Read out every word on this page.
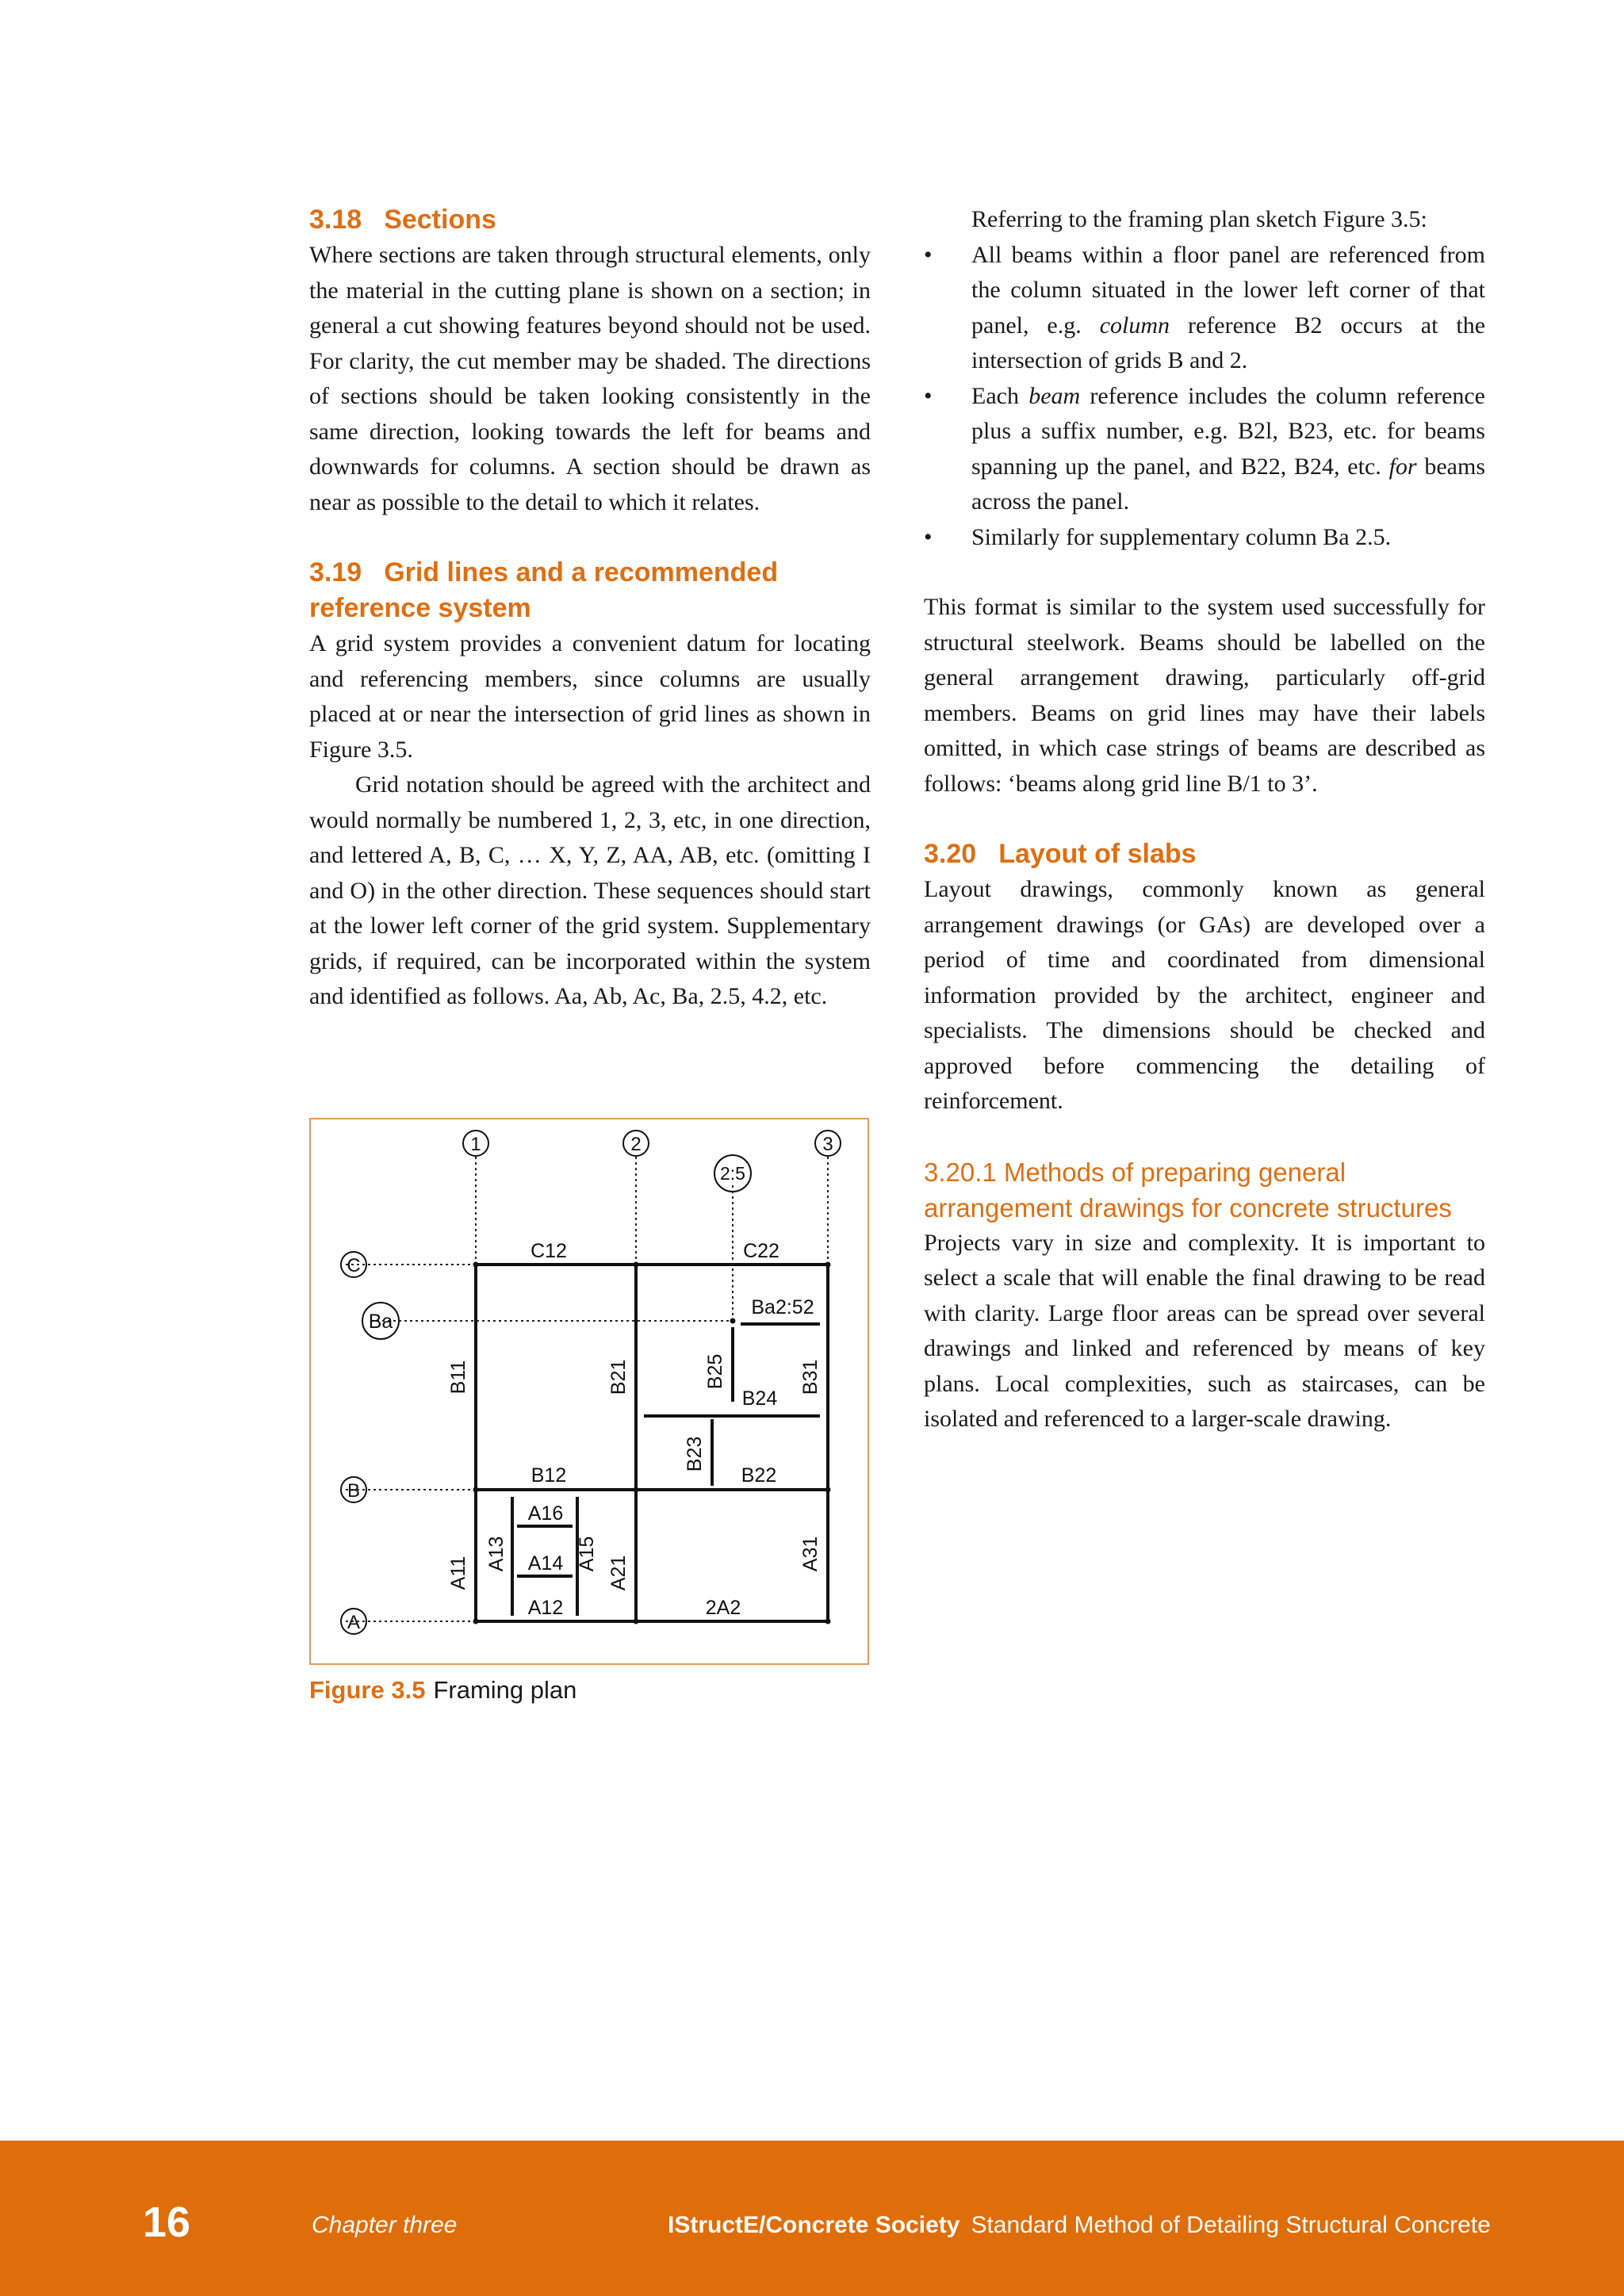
3.18 Sections

Where sections are taken through structural elements, only the material in the cutting plane is shown on a section; in general a cut showing features beyond should not be used. For clarity, the cut member may be shaded. The directions of sections should be taken looking consistently in the same direction, looking towards the left for beams and downwards for columns. A section should be drawn as near as possible to the detail to which it relates.

3.19 Grid lines and a recommended reference system

A grid system provides a convenient datum for locating and referencing members, since columns are usually placed at or near the intersection of grid lines as shown in Figure 3.5.

Grid notation should be agreed with the architect and would normally be numbered 1, 2, 3, etc, in one direction, and lettered A, B, C, … X, Y, Z, AA, AB, etc. (omitting I and O) in the other direction. These sequences should start at the lower left corner of the grid system. Supplementary grids, if required, can be incorporated within the system and identified as follows. Aa, Ab, Ac, Ba, 2.5, 4.2, etc.

Referring to the framing plan sketch Figure 3.5:

• All beams within a floor panel are referenced from the column situated in the lower left corner of that panel, e.g. column reference B2 occurs at the intersection of grids B and 2.
• Each beam reference includes the column reference plus a suffix number, e.g. B2l, B23, etc. for beams spanning up the panel, and B22, B24, etc. for beams across the panel.
• Similarly for supplementary column Ba 2.5.

This format is similar to the system used successfully for structural steelwork. Beams should be labelled on the general arrangement drawing, particularly off-grid members. Beams on grid lines may have their labels omitted, in which case strings of beams are described as follows: ‘beams along grid line B/1 to 3’.

3.20 Layout of slabs

Layout drawings, commonly known as general arrangement drawings (or GAs) are developed over a period of time and coordinated from dimensional information provided by the architect, engineer and specialists. The dimensions should be checked and approved before commencing the detailing of reinforcement.

3.20.1 Methods of preparing general arrangement drawings for concrete structures

Projects vary in size and complexity. It is important to select a scale that will enable the final drawing to be read with clarity. Large floor areas can be spread over several drawings and linked and referenced by means of key plans. Local complexities, such as staircases, can be isolated and referenced to a larger-scale drawing.

1	2	3
2:5
C
Ba
B
A
C12	C22
Ba2:52
B24
B12	B22
A16
A14
A12	2A2
B11	B21	B25	B31
B23
A11
A13	A15
A21
A31
Figure 3.5 Framing plan
16	Chapter three	IStructE/Concrete Society Standard Method of Detailing Structural Concrete
